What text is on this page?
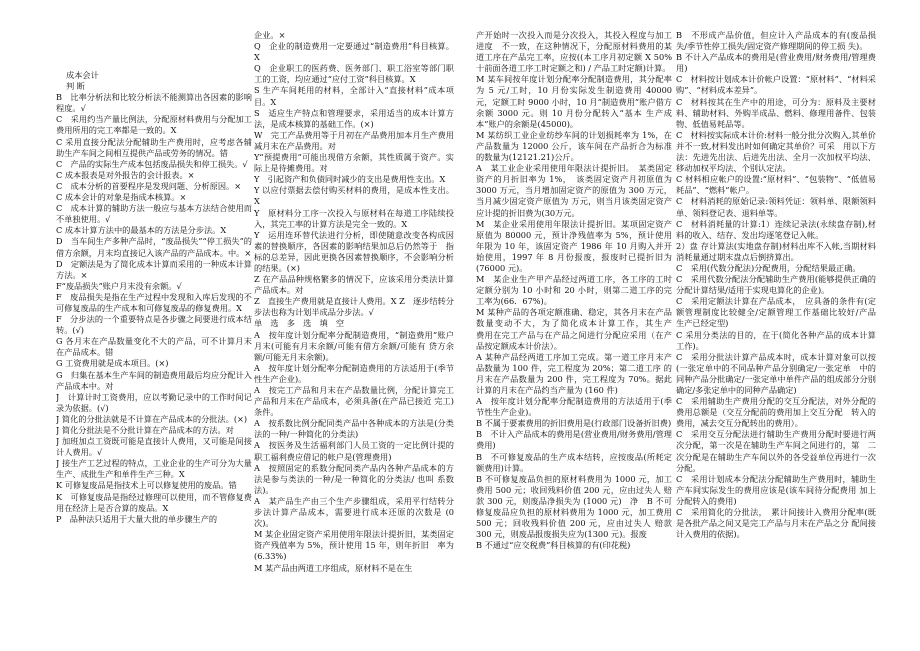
成本会计

判 断

B　比率分析法和比较分析法不能测算出各因素的影响程度。√

C　采用约当产量比例法，分配原材料费用与分配加工费用所用的完工率都是一致的。X

C 采用直接分配法分配辅助生产费用时，应考虑各辅助生产车间之间相互提供产品或劳务的情况。错

C　产品的实际生产成本包括废品损失和停工损失。√

C 成本报表是对外报告的会计报表。×

C　成本分析的首要程序是发现问题、分析原因。×

C 成本会计的对象是指成本核算。×

C　成本计算的辅助方法一般应与基本方法结合使用而不单独使用。√

C 成本计算方法中的最基本的方法是分步法。X

D　当车间生产多种产品时，“废品损失”“停工损失”的借方余额，月末均直接记入该产品的产品成本。中。×

D　定额法是为了简化成本计算而采用的一种成本计算方法。×

F“废品损失”账户月末没有余额。√

F　废品损失是指在生产过程中发现和入库后发现的不可修复废品的生产成本和可修复废品的修复费用。X

F　分步法的一个重要特点是各步骤之间要进行成本结转。(√)

G 各月末在产品数量变化不大的产品，可不计算月末在产品成本。错

G 工资费用就是成本项目。(×)

G　归集在基本生产车间的制造费用最后均应分配计入产品成本中。对

J　计算计时工资费用，应以考勤记录中的工作时间记录为依据。(√)

J 简化的分批法就是不计算在产品成本的分批法。(×)

J 简化分批法是不分批计算在产品成本的方法。对

J 加班加点工资既可能是直接计人费用，又可能是间接计人费用。√

J 接生产工艺过程的特点，工业企业的生产可分为大量生产、成批生产和单件生产三种。X

K 可修复废品是指技术上可以修复使用的废品。错

K　可修复废品是指经过修理可以使用，而不管修复费用在经济上是否合算的废品。X

P　品种法只适用于大量大批的单步骤生产的

企业。×

Q　企业的制造费用一定要通过“制造费用”科目核算。X

Q　企业职工的医药费、医务部门、职工浴室等部门职工的工资，均应通过“应付工资”科目核算。X

S 生产车间耗用的材料，全部计入“直接材料”成本项目。X

S　适应生产特点和管理要求，采用适当的成本计算方法，是成本核算的基础工作。(×)

W　完工产品费用等于月初在产品费用加本月生产费用减月末在产品费用。对

Y“预提费用”可能出现借方余额，其性质属于资产。实际上是待摊费用。对

Y　引起资产和负债同时减少的支出是费用性支出。X

Y 以应付票据去偿付购买材料的费用，是成本性支出。X

Y　原材料分工序一次投入与原材料在每道工序陆续投入，其完工率的计算方法是完全一致的。X

Y　运用连环替代法进行分析，即使随意改变各构成因素的替换顺序，各因素的影响结果加总后仍然等于　指标的总差异，因此更换各因素替换顺序，不会影响分析的结果。(×)

Z 在产品品种规格繁多的情况下，应该采用分类法计算产品成本。对

Z　直接生产费用就是直接计人费用。X Z　逐步结转分步法也称为计划半成品分步法。√

单　选　多　选　填　空

A　按年度计划分配率分配制造费用，“制造费用”账户月末(可能有月末余额/可能有借方余额/可能有 贷方余额/可能无月末余额)。

A　按年度计划分配率分配制造费用的方法适用于(季节性生产企业)。

A　按完工产品和月末在产品数量比例，分配计算完工产品和月末在产品成本，必须具备(在产品已接近 完工)条件。

A　按系数比例分配同类产品中各种成本的方法是(分类法的一种/一种简化的分类法)

A　按医务及生活福利部门人员工资的一定比例计提的职工福利费应借记的帐户是(管理费用)

A　按照固定的系数分配同类产品内各种产品成本的方法是参与类法的一种/是一种简化的分类法/ 也叫 系数法)。

A　某产品生产由三个生产步骤组成，采用平行结转分步法计算产品成本，需要进行成本还原的次数是 (0 次)。

M 某企业固定资产采用使用年限法计提折旧，某类固定资产残值率为 5%，预计使用 15 年，则年折旧　率为(6.33%)

M 某产品由两道工序组成，原材料不是在生

产开始时一次投入而是分次投入，其投入程度与加工进度　不一致，在这种情况下，分配原材料费用的某道工序在产品完工率，应按((本工序月初定额 X 50% 十前面各道工序工时定额之和) / 产品工时定额)计算。

M 某车间按年度计划分配率分配制造费用，其分配率为 5 元/工时，10 月份实际发生制造费用 40000 元，定额工时 9000 小时，10 月“制造费用”账户借方余额 3000 元。则 10 月份分配转入“基本 生产成本”账户的余额是(45000)。

M 某纺织工业企业纺纱车间的计划损耗率为 1%，在产品数量为 12000 公斤，该车间在产品折合为标准 的数量为(12121.21)公斤。

A　某工业企业采用使用年限法计提折旧。　某类固定资产的月折旧率为 1%，　该类固定资产月初原值为 3000 万元，当月增加固定资产的原值为 300 万元，当月减少固定资产原值为 万元，则当月该类固定资产　应计提的折旧费为(30万元。

M　某企业采用使用年限法计提折旧。某项固定资产原值为 80000 元，预计净残值率为 5%，预计使用 年限为 10 年，该固定资产 1986 年 10 月购入并开始使用，1997 年 8 月份报废，报废时已提折旧为 (76000 元)。

M　某企业生产甲产品经过两道工序，各工序的工时定额分别为 10 小时和 20 小时，则第二道工序的完 工率为(66．67%)。

M 某种产品的各项定额准确、稳定，其各月末在产品数量变动不大，为了简化成本计算工作，其生产　　费用在完工产品与在产品之间进行分配应采用（在产品按定额成本计价法）。

A 某种产品经两道工序加工完成。第一道工序月末产品数量为 100 件，完工程度为 20%；第二道工序 的月末在产品数量为 200 件，完工程度为 70%。据此计算的月末在产品约当产量为 (160 件)

A　按年度计划分配率分配制造费用的方法适用于(季节性生产企业)。

B 不属于要素费用的折旧费用是(行政部门设备折旧费)

B　不计入产品成本的费用是(营业费用/财务费用/管理费用)

B　不可修复废品的生产成本结转，应按废品(所耗定额费用)计算。

B 不可修复废品负担的原材料费用为 1000 元，加工费用 500 元；收回残料价值 200 元，应由过失人 赔款 300 元，则废品净损失为 (1000 元)　净　B 不可修复废品应负担的原材料费用为 1000 元，加工费用 500 元；回收残料价值 200 元，应由过失人 赔款 300 元，则废品报废损失应为(1300 元)。报废

B 不通过“应交税费”科目核算的有(印花税)

B　不形成产品价值，但应计入产品成本的有(废品损失/季节性停工损失/固定资产修理期间的停工损 失)。

B 不计入产品成本的费用是(营业费用/财务费用/管理费用)

C　材料按计划成本计价帐户设置：“原材料”、“材料采购”、“材料成本差异”。

C　材料按其在生产中的用途，可分为：原料及主要材料、辅助材料、外购半成品、燃料、修理用备件、包装物、低值易耗品等。

C　材料按实际成本计价:材料一般分批分次购入,其单价并不一致,材料发出时如何确定其单价？可采　用以下方法：先进先出法、后进先出法、全月一次加权平均法、移动加权平均法、个别认定法。

C 材料相应帐户的设置:“原材料”、“包装物”、“低值易耗品”、“燃料”帐户。

C　材料消耗的原始记录:领料凭证：领料单、限额领料单、领料登记表、退料单等。

C　材料消耗量的计算:1）连续记录法(永续盘存制),材料的收入、结存、发出均逐笔登记入帐。

2）盘 存计算法(实地盘存制)材料出库不入帐,当期材料消耗量通过期末盘点后倒挤算出。

C　采用(代数分配法)分配费用，分配结果最正确。

C　采用代数分配法分配辅助生产费用(能够提供正确的分配计算结果/适用于实现电算化的企业)。

C　采用定额法计算在产品成本，　应具备的条件有(定额管理制度比较健全/定额管理工作基础比较好/产品　生产已经定型)

C 采用分类法的目的，在于(简化各种产品的成本计算工作)。

C　采用分批法计算产品成本时，成本计算对象可以按(一张定单中的不同品种产品分别确定/一张定单　中的同种产品分批确定/一张定单中单件产品的组成部分分别确定/多张定单中的同种产品确定)

C　采用辅助生产费用分配的交互分配法，对外分配的费用总额是（交互分配前的费用加上交互分配　转入的费用，减去交互分配转出的费用）。

C　采用交互分配法进行辅助生产费用分配时要进行两次分配，第一次是在辅助生产车间之间进行的，第　二次分配是在辅助生产车间以外的各受益单位再进行一次分配。

C　采用计划成本分配法分配辅助生产费用时，辅助生产车间实际发生的费用应该是(该车间待分配费用 加上分配转入的费用)

C　采用简化的分批法，　累计间接计入费用分配率(既是各批产品之间又是完工产品与月末在产品之分 配间接计入费用的依据)。
